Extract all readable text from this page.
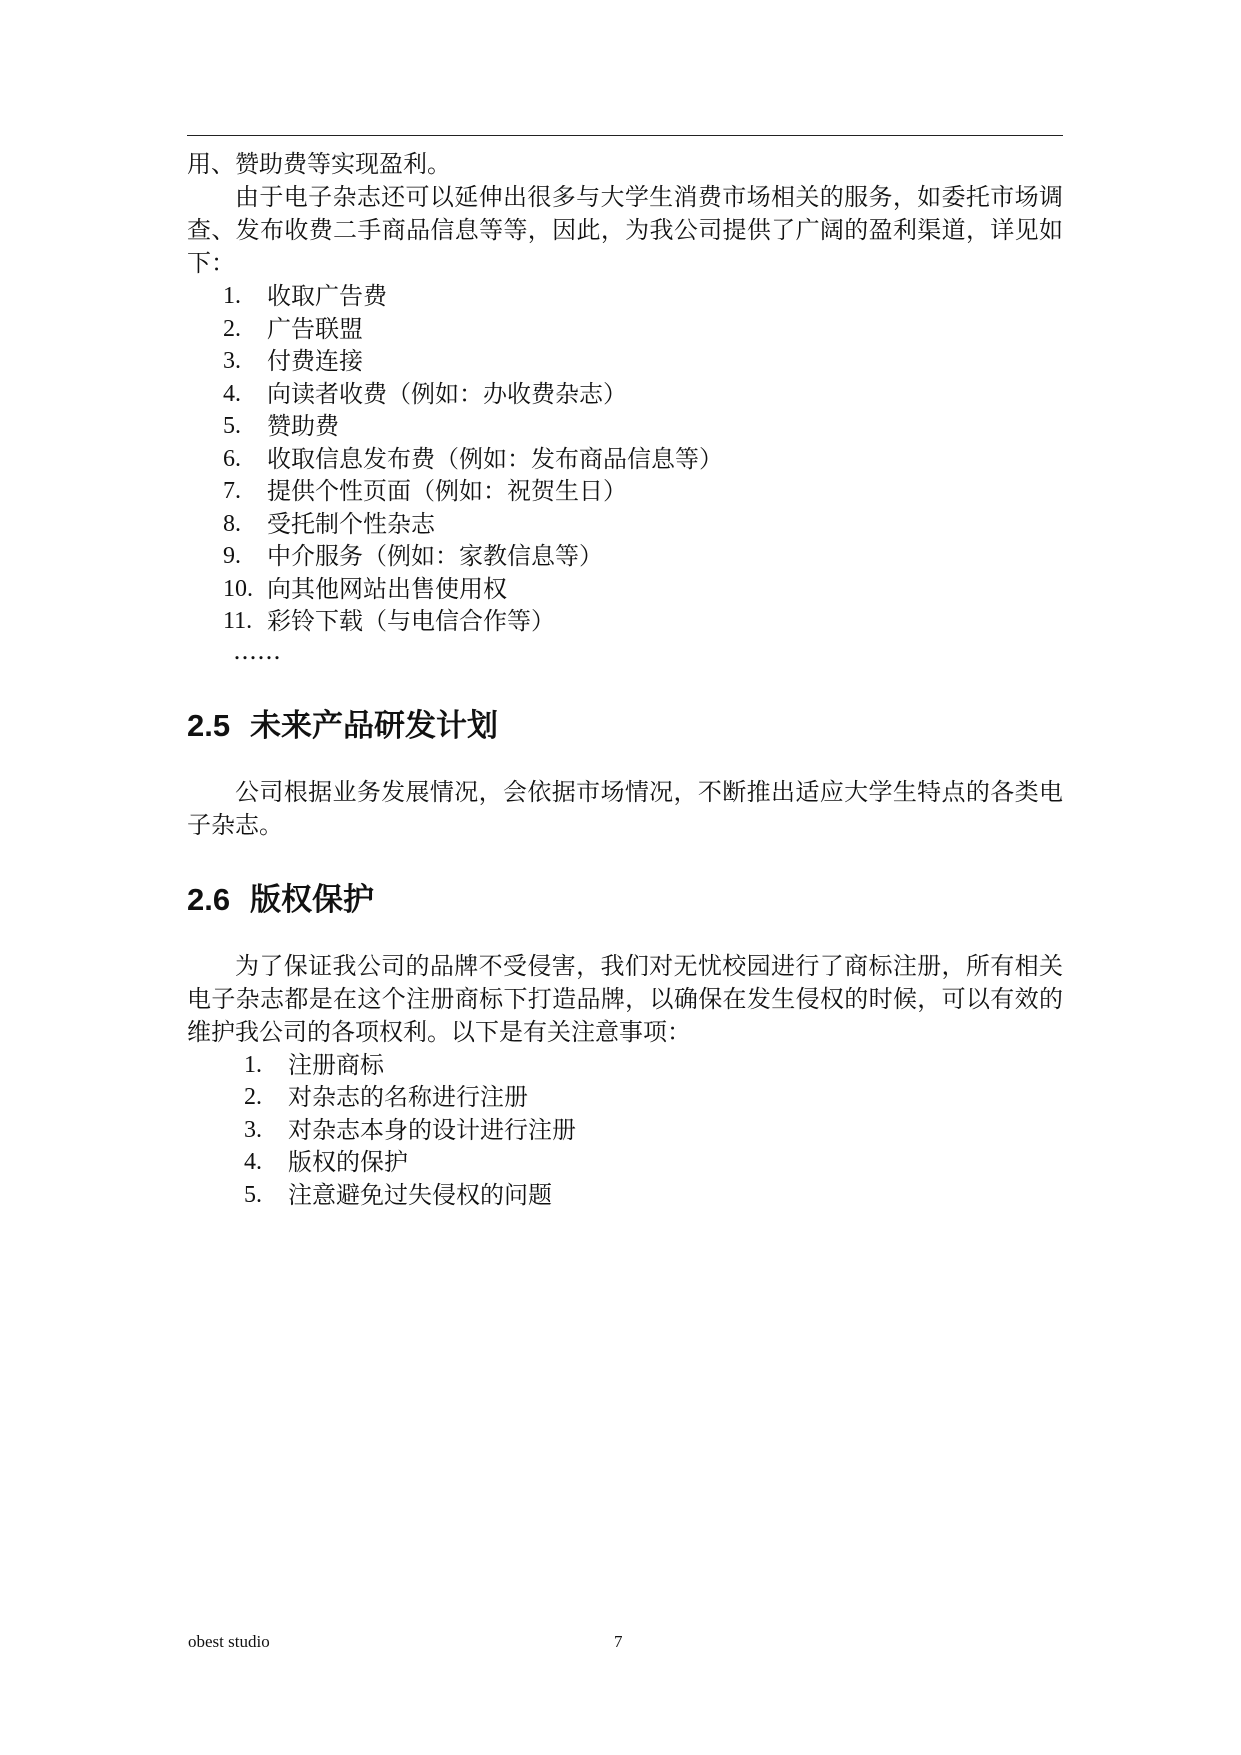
用、赞助费等实现盈利。

由于电子杂志还可以延伸出很多与大学生消费市场相关的服务，如委托市场调查、发布收费二手商品信息等等，因此，为我公司提供了广阔的盈利渠道，详见如下：

1.	收取广告费
2.	广告联盟
3.	付费连接
4.	向读者收费（例如：办收费杂志）
5.	赞助费
6.	收取信息发布费（例如：发布商品信息等）
7.	提供个性页面（例如：祝贺生日）
8.	受托制个性杂志
9.	中介服务（例如：家教信息等）
10. 向其他网站出售使用权
11. 彩铃下载（与电信合作等）

……

2.5 未来产品研发计划

公司根据业务发展情况，会依据市场情况，不断推出适应大学生特点的各类电子杂志。

2.6 版权保护

为了保证我公司的品牌不受侵害，我们对无忧校园进行了商标注册，所有相关电子杂志都是在这个注册商标下打造品牌，以确保在发生侵权的时候，可以有效的维护我公司的各项权利。以下是有关注意事项：

1.	注册商标
2.	对杂志的名称进行注册
3.	对杂志本身的设计进行注册
4.	版权的保护
5.	注意避免过失侵权的问题
obest studio	7
